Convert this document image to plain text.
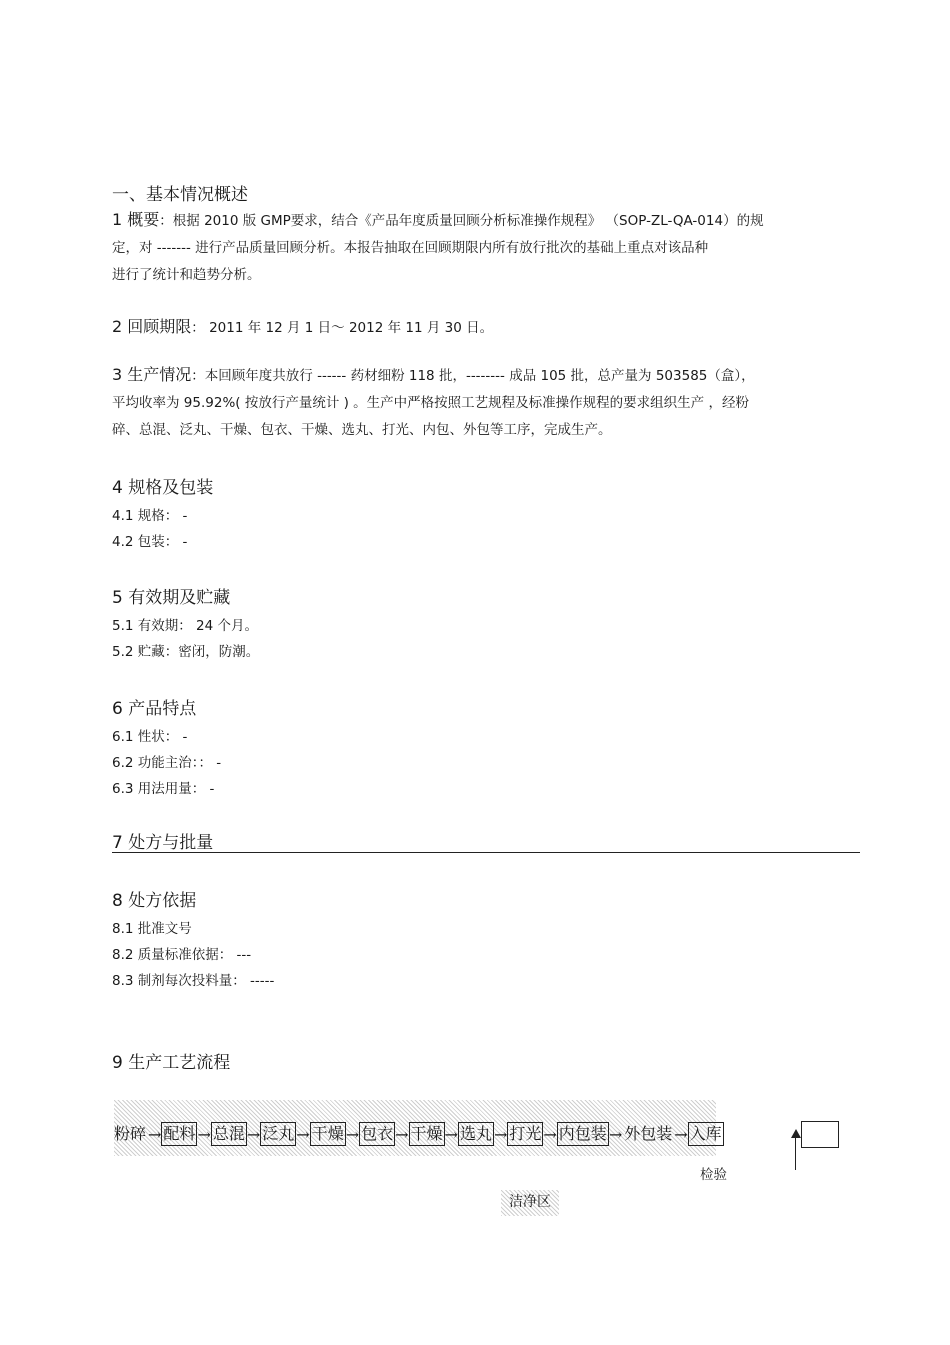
一、基本情况概述
1 概要：根据 2010 版 GMP要求，结合《产品年度质量回顾分析标准操作规程》 （SOP-ZL-QA-014）的规
定，对 ------- 进行产品质量回顾分析。本报告抽取在回顾期限内所有放行批次的基础上重点对该品种
进行了统计和趋势分析。
2 回顾期限： 2011 年 12 月 1 日～ 2012 年 11 月 30 日。
3 生产情况：本回顾年度共放行 ------ 药材细粉 118 批，-------- 成品 105 批，总产量为 503585（盒），
平均收率为 95.92%( 按放行产量统计 ) 。生产中严格按照工艺规程及标准操作规程的要求组织生产 ，经粉
碎、总混、泛丸、干燥、包衣、干燥、选丸、打光、内包、外包等工序，完成生产。
4 规格及包装
4.1 规格： -
4.2 包装： -
5 有效期及贮藏
5.1 有效期： 24 个月。
5.2 贮藏：密闭，防潮。
6 产品特点
6.1 性状： -
6.2 功能主治：： -
6.3 用法用量： -
7 处方与批量
8 处方依据
8.1 批准文号
8.2 质量标准依据： ---
8.3 制剂每次投料量： -----
9 生产工艺流程
粉碎 → 配料 → 总混 → 泛丸 → 干燥 → 包衣 → 干燥 → 选丸 → 打光 → 内包装 → 外包装 → 入库
检验
洁净区
